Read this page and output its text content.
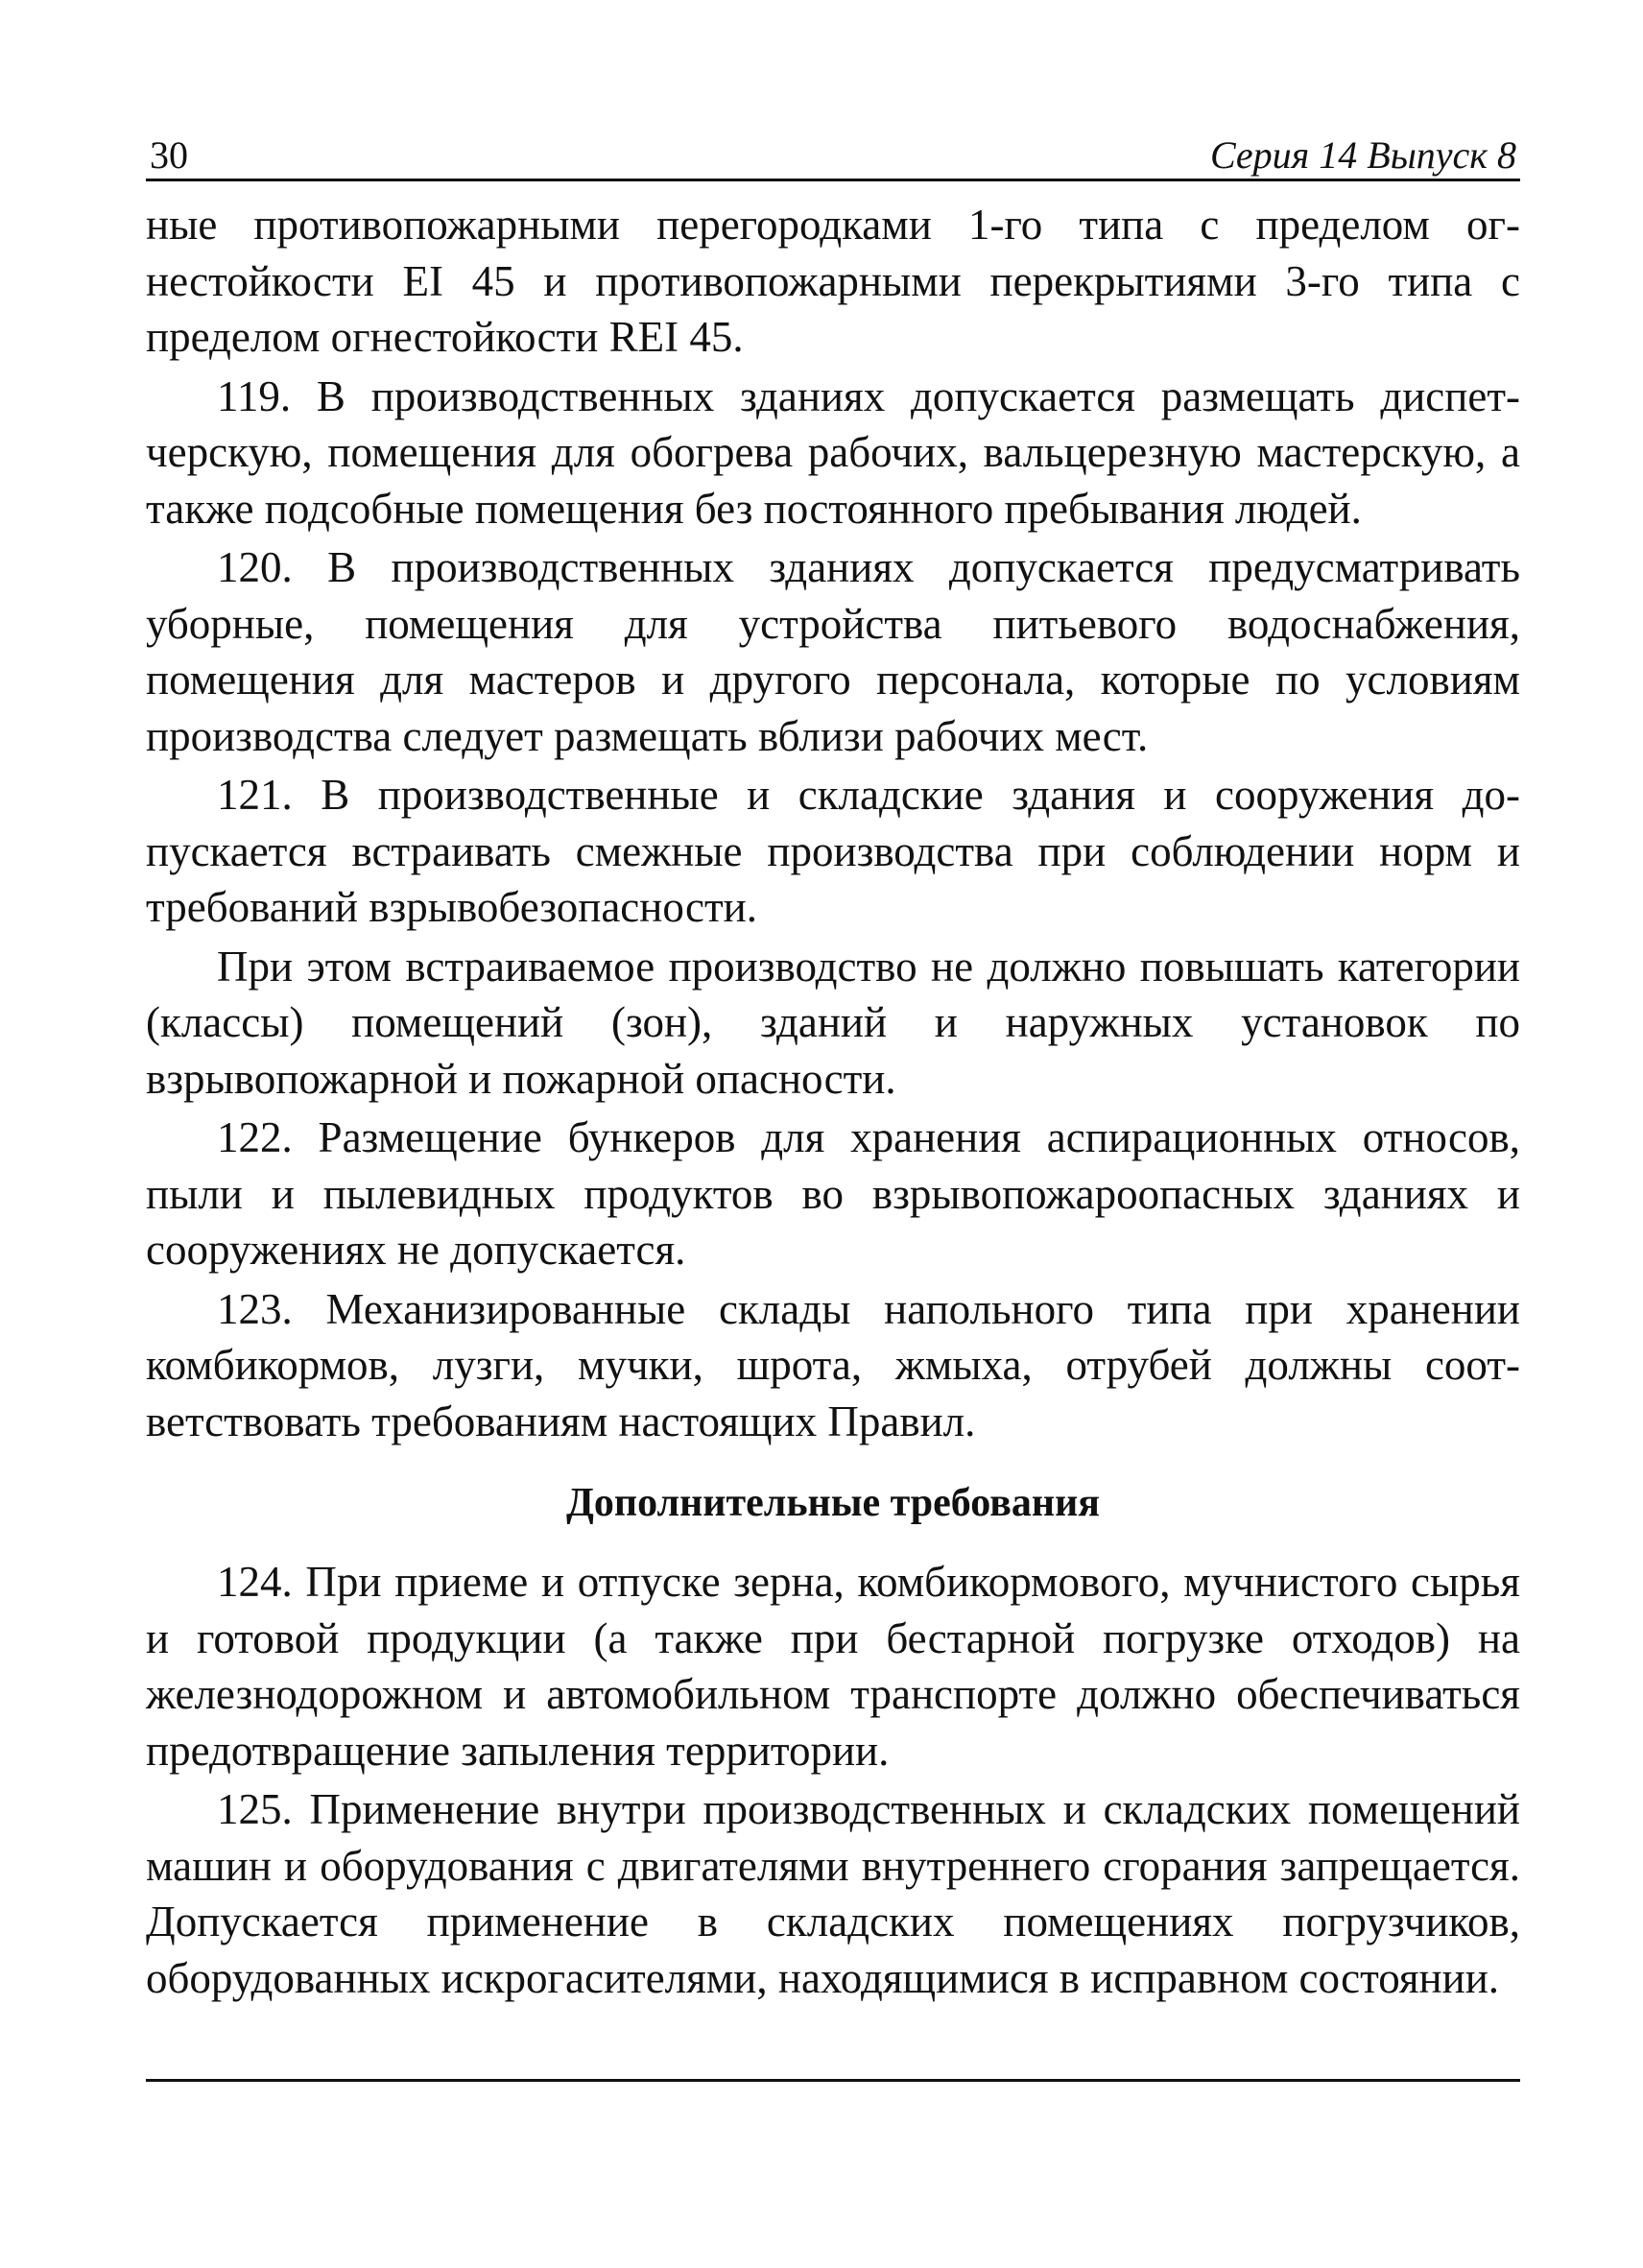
30	Серия 14 Выпуск 8

ные противопожарными перегородками 1-го типа с пределом огнестойкости EI 45 и противопожарными перекрытиями 3-го типа с пределом огнестойкости REI 45.

119. В производственных зданиях допускается размещать диспетчерскую, помещения для обогрева рабочих, вальцерезную мастерскую, а также подсобные помещения без постоянного пребывания людей.

120. В производственных зданиях допускается предусматривать уборные, помещения для устройства питьевого водоснабжения, помещения для мастеров и другого персонала, которые по условиям производства следует размещать вблизи рабочих мест.

121. В производственные и складские здания и сооружения допускается встраивать смежные производства при соблюдении норм и требований взрывобезопасности.

При этом встраиваемое производство не должно повышать категории (классы) помещений (зон), зданий и наружных установок по взрывопожарной и пожарной опасности.

122. Размещение бункеров для хранения аспирационных относов, пыли и пылевидных продуктов во взрывопожароопасных зданиях и сооружениях не допускается.

123. Механизированные склады напольного типа при хранении комбикормов, лузги, мучки, шрота, жмыха, отрубей должны соответствовать требованиям настоящих Правил.

Дополнительные требования

124. При приеме и отпуске зерна, комбикормового, мучнистого сырья и готовой продукции (а также при бестарной погрузке отходов) на железнодорожном и автомобильном транспорте должно обеспечиваться предотвращение запыления территории.

125. Применение внутри производственных и складских помещений машин и оборудования с двигателями внутреннего сгорания запрещается. Допускается применение в складских помещениях погрузчиков, оборудованных искрогасителями, находящимися в исправном состоянии.
